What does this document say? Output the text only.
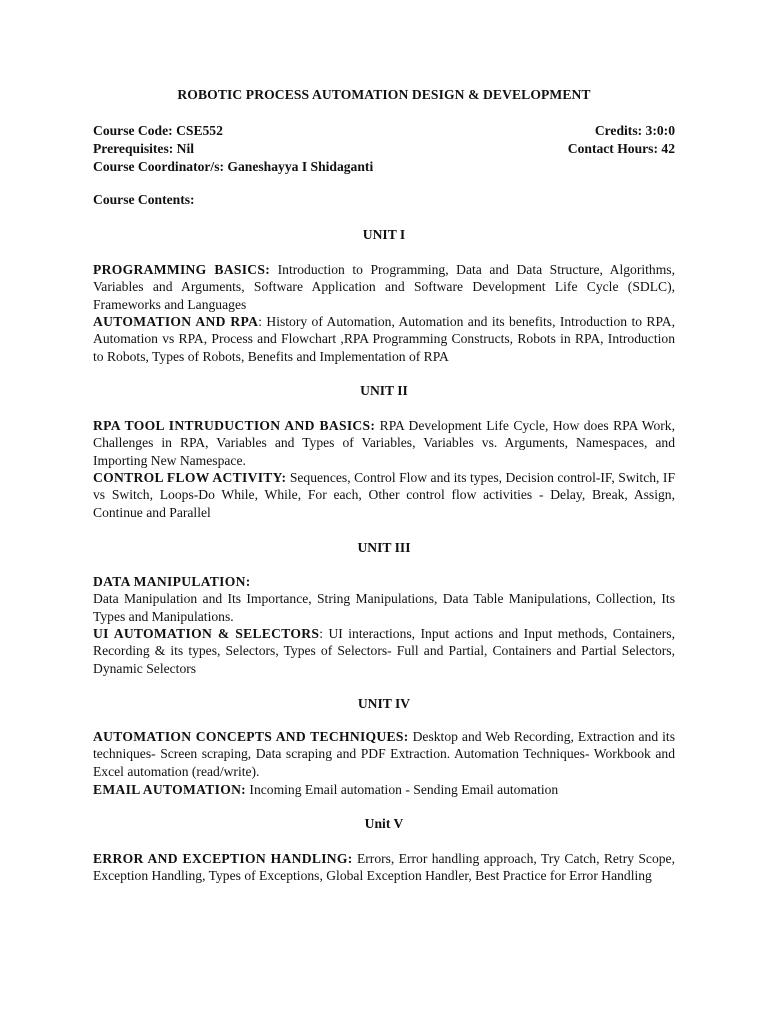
ROBOTIC PROCESS AUTOMATION DESIGN & DEVELOPMENT
Course Code: CSE552	Credits: 3:0:0
Prerequisites: Nil	Contact Hours: 42
Course Coordinator/s: Ganeshayya I Shidaganti
Course Contents:
UNIT I
PROGRAMMING BASICS: Introduction to Programming, Data and Data Structure, Algorithms, Variables and Arguments, Software Application and Software Development Life Cycle (SDLC), Frameworks and Languages
AUTOMATION AND RPA: History of Automation, Automation and its benefits, Introduction to RPA, Automation vs RPA, Process and Flowchart ,RPA Programming Constructs, Robots in RPA, Introduction to Robots, Types of Robots, Benefits and Implementation of RPA
UNIT II
RPA TOOL INTRUDUCTION AND BASICS: RPA Development Life Cycle, How does RPA Work, Challenges in RPA, Variables and Types of Variables, Variables vs. Arguments, Namespaces, and Importing New Namespace.
CONTROL FLOW ACTIVITY: Sequences, Control Flow and its types, Decision control-IF, Switch, IF vs Switch, Loops-Do While, While, For each, Other control flow activities - Delay, Break, Assign, Continue and Parallel
UNIT III
DATA MANIPULATION:
Data Manipulation and Its Importance, String Manipulations, Data Table Manipulations, Collection, Its Types and Manipulations.
UI AUTOMATION & SELECTORS: UI interactions, Input actions and Input methods, Containers, Recording & its types, Selectors, Types of Selectors- Full and Partial, Containers and Partial Selectors, Dynamic Selectors
UNIT IV
AUTOMATION CONCEPTS AND TECHNIQUES: Desktop and Web Recording, Extraction and its techniques- Screen scraping, Data scraping and PDF Extraction. Automation Techniques- Workbook and Excel automation (read/write).
EMAIL AUTOMATION: Incoming Email automation - Sending Email automation
Unit V
ERROR AND EXCEPTION HANDLING: Errors, Error handling approach, Try Catch, Retry Scope, Exception Handling, Types of Exceptions, Global Exception Handler, Best Practice for Error Handling
